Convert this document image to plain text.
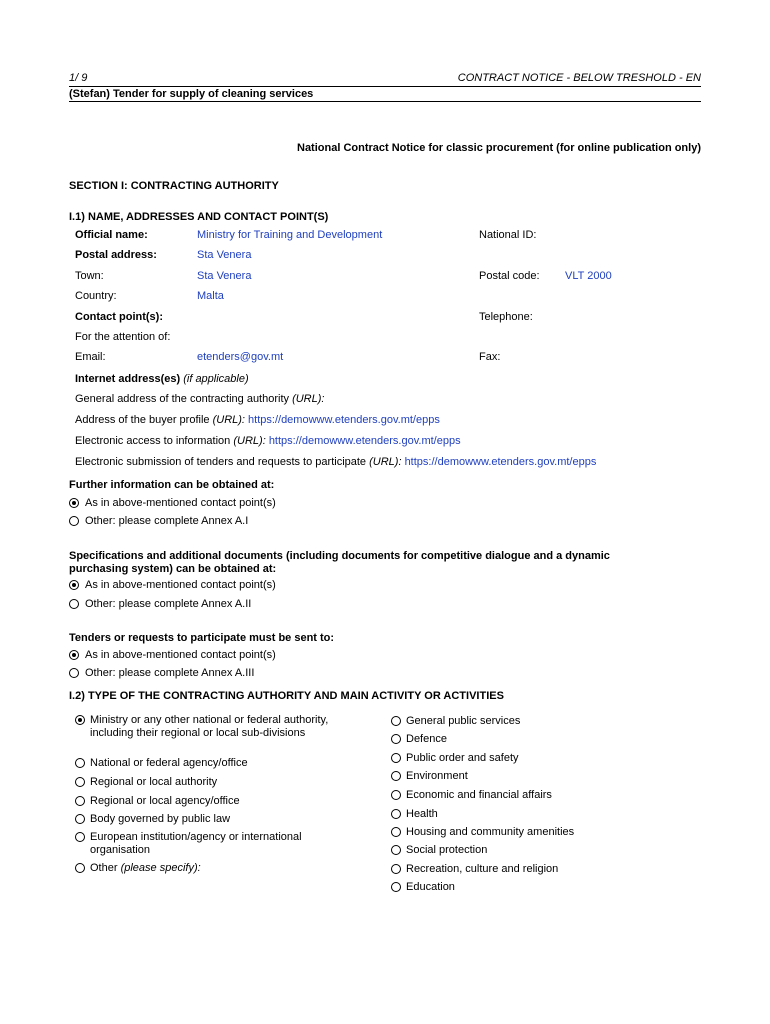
1/ 9	CONTRACT NOTICE - BELOW TRESHOLD - EN
(Stefan) Tender for supply of cleaning services
National Contract Notice for classic procurement (for online publication only)
SECTION I: CONTRACTING AUTHORITY
I.1) NAME, ADDRESSES AND CONTACT POINT(S)
Official name:	Ministry for Training and Development	National ID:
Postal address:	Sta Venera
Town:	Sta Venera	Postal code: VLT 2000
Country:	Malta
Contact point(s):	Telephone:
For the attention of:
Email:	etenders@gov.mt	Fax:
Internet address(es) (if applicable)
General address of the contracting authority (URL):
Address of the buyer profile (URL): https://demowww.etenders.gov.mt/epps
Electronic access to information (URL): https://demowww.etenders.gov.mt/epps
Electronic submission of tenders and requests to participate (URL): https://demowww.etenders.gov.mt/epps
Further information can be obtained at:
As in above-mentioned contact point(s)
Other: please complete Annex A.I
Specifications and additional documents (including documents for competitive dialogue and a dynamic
purchasing system) can be obtained at:
As in above-mentioned contact point(s)
Other: please complete Annex A.II
Tenders or requests to participate must be sent to:
As in above-mentioned contact point(s)
Other: please complete Annex A.III
I.2) TYPE OF THE CONTRACTING AUTHORITY AND MAIN ACTIVITY OR ACTIVITIES
Ministry or any other national or federal authority, including their regional or local sub-divisions
National or federal agency/office
Regional or local authority
Regional or local agency/office
Body governed by public law
European institution/agency or international organisation
Other (please specify):
General public services
Defence
Public order and safety
Environment
Economic and financial affairs
Health
Housing and community amenities
Social protection
Recreation, culture and religion
Education
